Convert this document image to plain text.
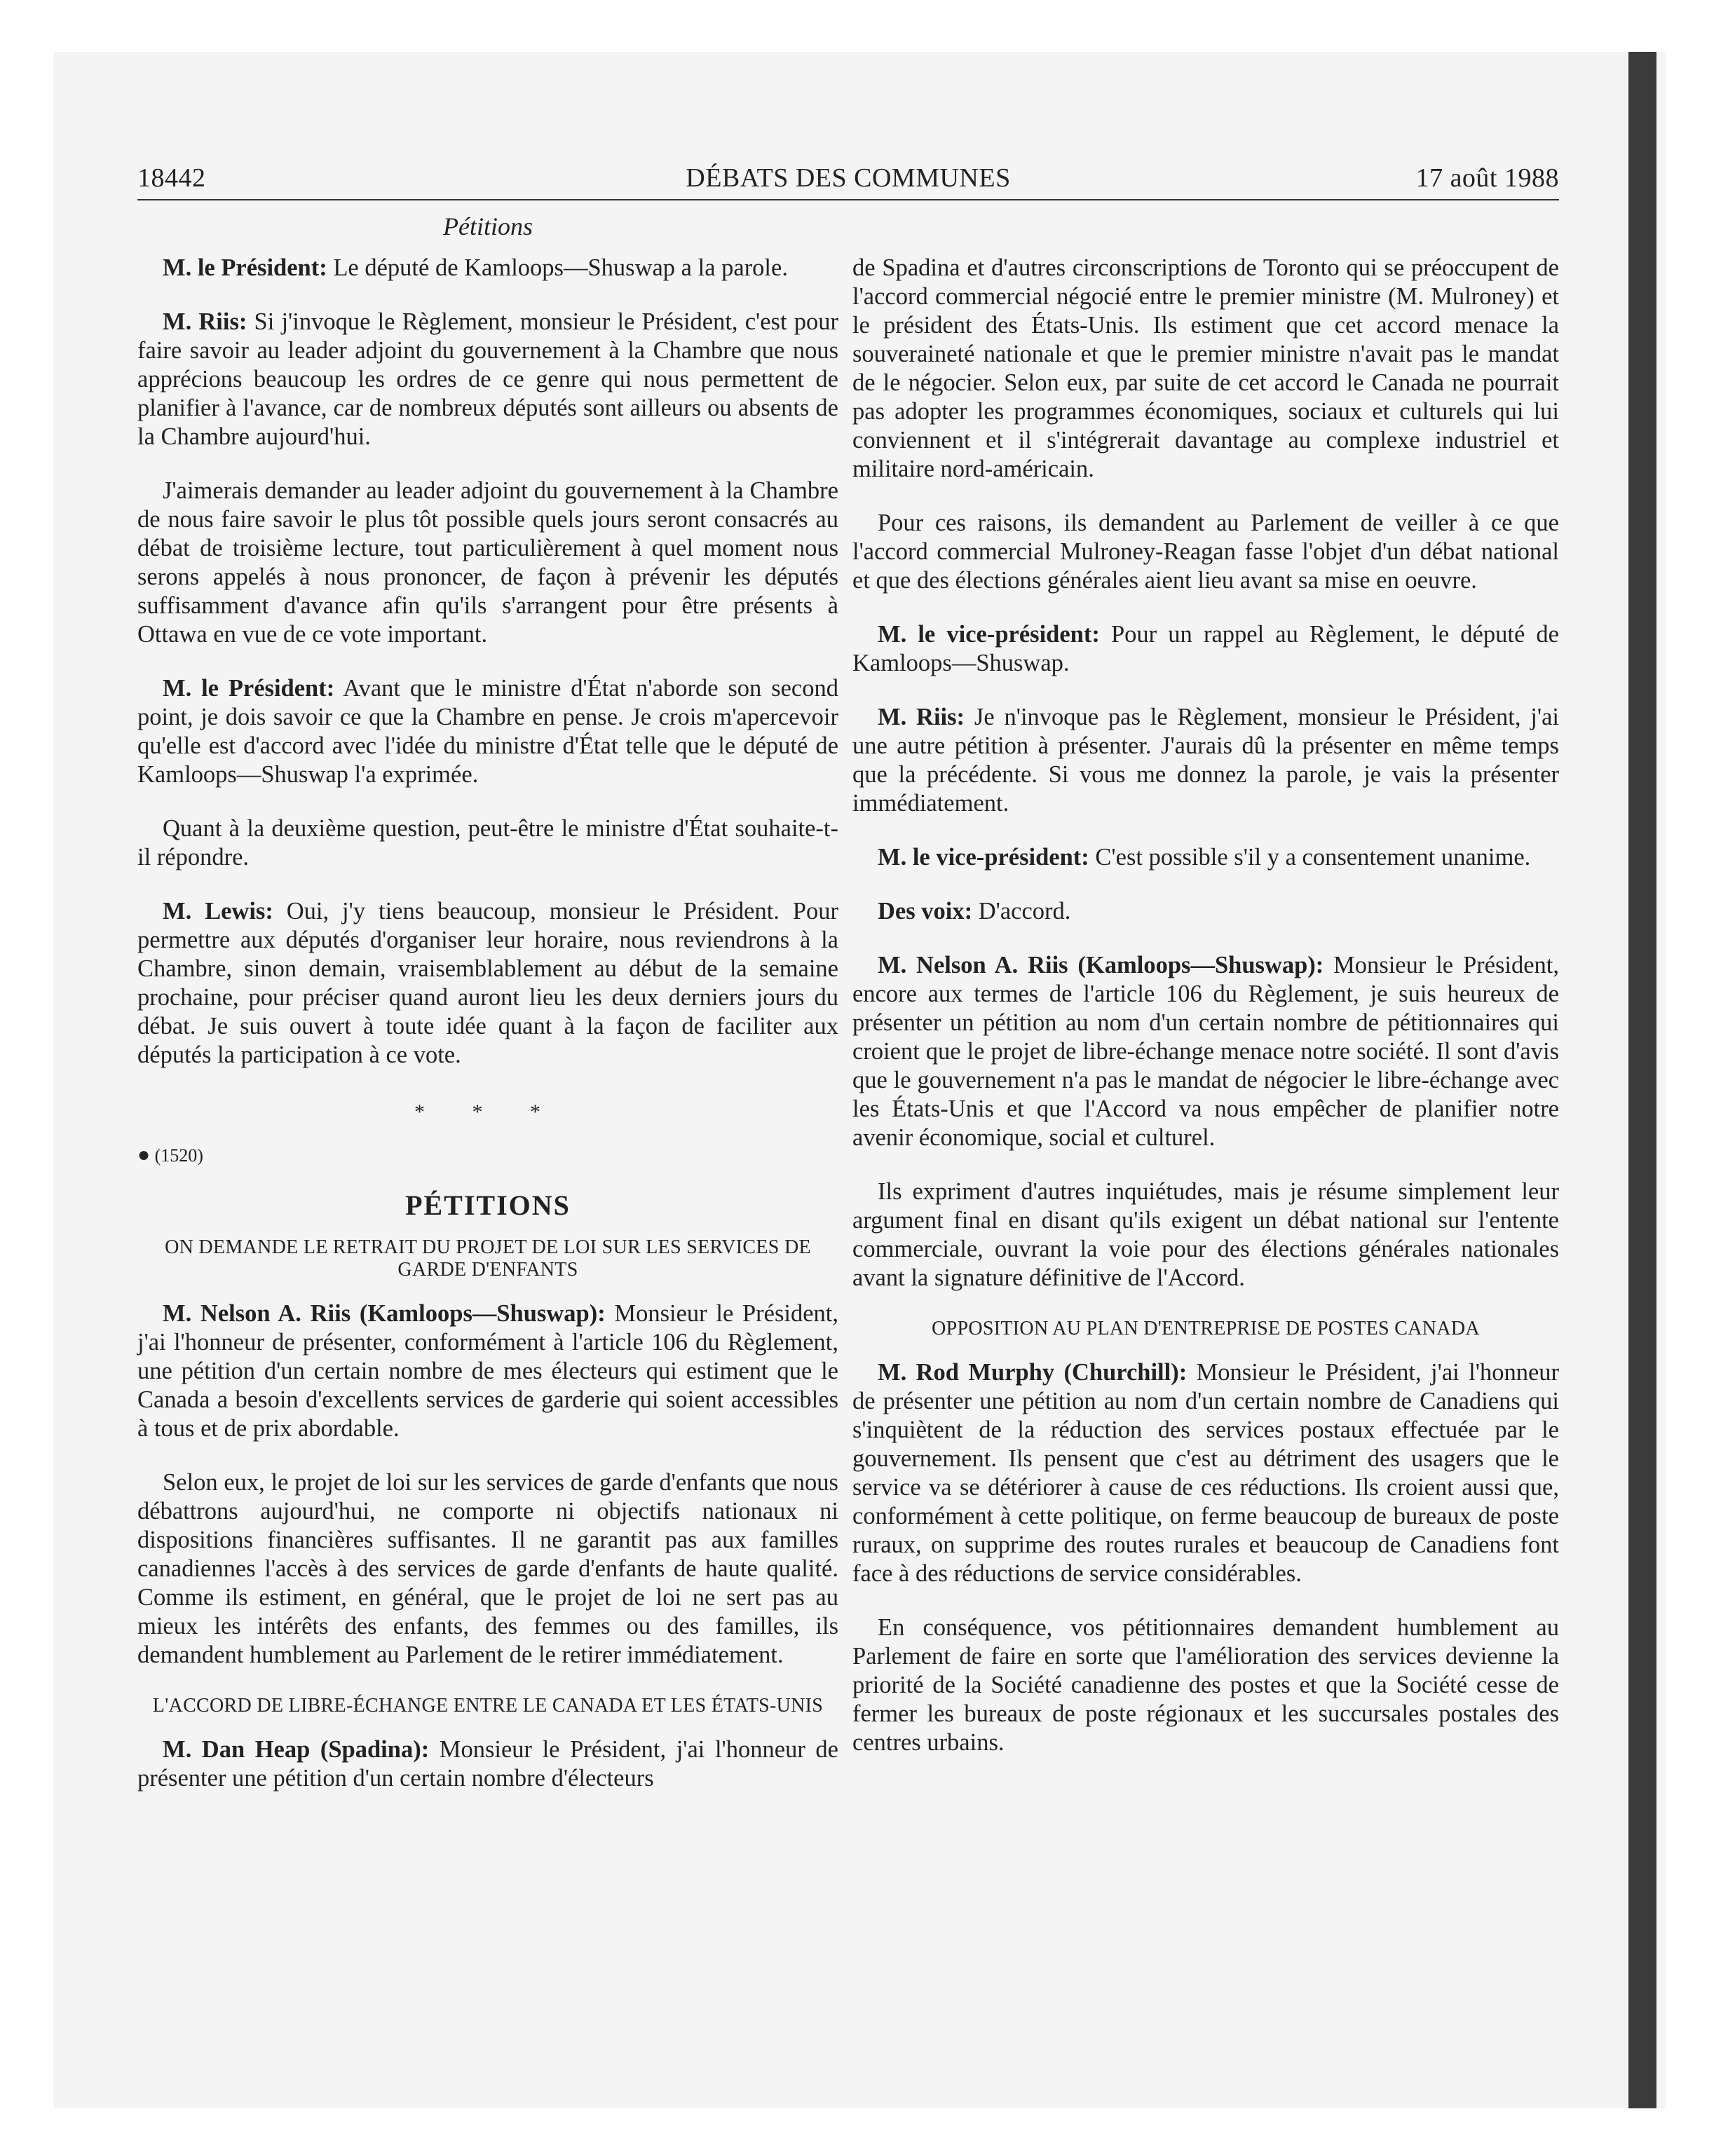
18442	DÉBATS DES COMMUNES	17 août 1988
Pétitions

M. le Président: Le député de Kamloops—Shuswap a la parole.

M. Riis: Si j'invoque le Règlement, monsieur le Président, c'est pour faire savoir au leader adjoint du gouvernement à la Chambre que nous apprécions beaucoup les ordres de ce genre qui nous permettent de planifier à l'avance, car de nombreux députés sont ailleurs ou absents de la Chambre aujourd'hui.

J'aimerais demander au leader adjoint du gouvernement à la Chambre de nous faire savoir le plus tôt possible quels jours seront consacrés au débat de troisième lecture, tout particulièrement à quel moment nous serons appelés à nous prononcer, de façon à prévenir les députés suffisamment d'avance afin qu'ils s'arrangent pour être présents à Ottawa en vue de ce vote important.

M. le Président: Avant que le ministre d'État n'aborde son second point, je dois savoir ce que la Chambre en pense. Je crois m'apercevoir qu'elle est d'accord avec l'idée du ministre d'État telle que le député de Kamloops—Shuswap l'a exprimée.

Quant à la deuxième question, peut-être le ministre d'État souhaite-t-il répondre.

M. Lewis: Oui, j'y tiens beaucoup, monsieur le Président. Pour permettre aux députés d'organiser leur horaire, nous reviendrons à la Chambre, sinon demain, vraisemblablement au début de la semaine prochaine, pour préciser quand auront lieu les deux derniers jours du débat. Je suis ouvert à toute idée quant à la façon de faciliter aux députés la participation à ce vote.

* * *
● (1520)
PÉTITIONS
ON DEMANDE LE RETRAIT DU PROJET DE LOI SUR LES SERVICES DE GARDE D'ENFANTS

M. Nelson A. Riis (Kamloops—Shuswap): Monsieur le Président, j'ai l'honneur de présenter, conformément à l'article 106 du Règlement, une pétition d'un certain nombre de mes électeurs qui estiment que le Canada a besoin d'excellents services de garderie qui soient accessibles à tous et de prix abordable.

Selon eux, le projet de loi sur les services de garde d'enfants que nous débattrons aujourd'hui, ne comporte ni objectifs nationaux ni dispositions financières suffisantes. Il ne garantit pas aux familles canadiennes l'accès à des services de garde d'enfants de haute qualité. Comme ils estiment, en général, que le projet de loi ne sert pas au mieux les intérêts des enfants, des femmes ou des familles, ils demandent humblement au Parlement de le retirer immédiatement.

L'ACCORD DE LIBRE-ÉCHANGE ENTRE LE CANADA ET LES ÉTATS-UNIS

M. Dan Heap (Spadina): Monsieur le Président, j'ai l'honneur de présenter une pétition d'un certain nombre d'électeurs

de Spadina et d'autres circonscriptions de Toronto qui se préoccupent de l'accord commercial négocié entre le premier ministre (M. Mulroney) et le président des États-Unis. Ils estiment que cet accord menace la souveraineté nationale et que le premier ministre n'avait pas le mandat de le négocier. Selon eux, par suite de cet accord le Canada ne pourrait pas adopter les programmes économiques, sociaux et culturels qui lui conviennent et il s'intégrerait davantage au complexe industriel et militaire nord-américain.

Pour ces raisons, ils demandent au Parlement de veiller à ce que l'accord commercial Mulroney-Reagan fasse l'objet d'un débat national et que des élections générales aient lieu avant sa mise en oeuvre.

M. le vice-président: Pour un rappel au Règlement, le député de Kamloops—Shuswap.

M. Riis: Je n'invoque pas le Règlement, monsieur le Président, j'ai une autre pétition à présenter. J'aurais dû la présenter en même temps que la précédente. Si vous me donnez la parole, je vais la présenter immédiatement.

M. le vice-président: C'est possible s'il y a consentement unanime.

Des voix: D'accord.

M. Nelson A. Riis (Kamloops—Shuswap): Monsieur le Président, encore aux termes de l'article 106 du Règlement, je suis heureux de présenter un pétition au nom d'un certain nombre de pétitionnaires qui croient que le projet de libre-échange menace notre société. Il sont d'avis que le gouvernement n'a pas le mandat de négocier le libre-échange avec les États-Unis et que l'Accord va nous empêcher de planifier notre avenir économique, social et culturel.

Ils expriment d'autres inquiétudes, mais je résume simplement leur argument final en disant qu'ils exigent un débat national sur l'entente commerciale, ouvrant la voie pour des élections générales nationales avant la signature définitive de l'Accord.

OPPOSITION AU PLAN D'ENTREPRISE DE POSTES CANADA

M. Rod Murphy (Churchill): Monsieur le Président, j'ai l'honneur de présenter une pétition au nom d'un certain nombre de Canadiens qui s'inquiètent de la réduction des services postaux effectuée par le gouvernement. Ils pensent que c'est au détriment des usagers que le service va se détériorer à cause de ces réductions. Ils croient aussi que, conformément à cette politique, on ferme beaucoup de bureaux de poste ruraux, on supprime des routes rurales et beaucoup de Canadiens font face à des réductions de service considérables.

En conséquence, vos pétitionnaires demandent humblement au Parlement de faire en sorte que l'amélioration des services devienne la priorité de la Société canadienne des postes et que la Société cesse de fermer les bureaux de poste régionaux et les succursales postales des centres urbains.
